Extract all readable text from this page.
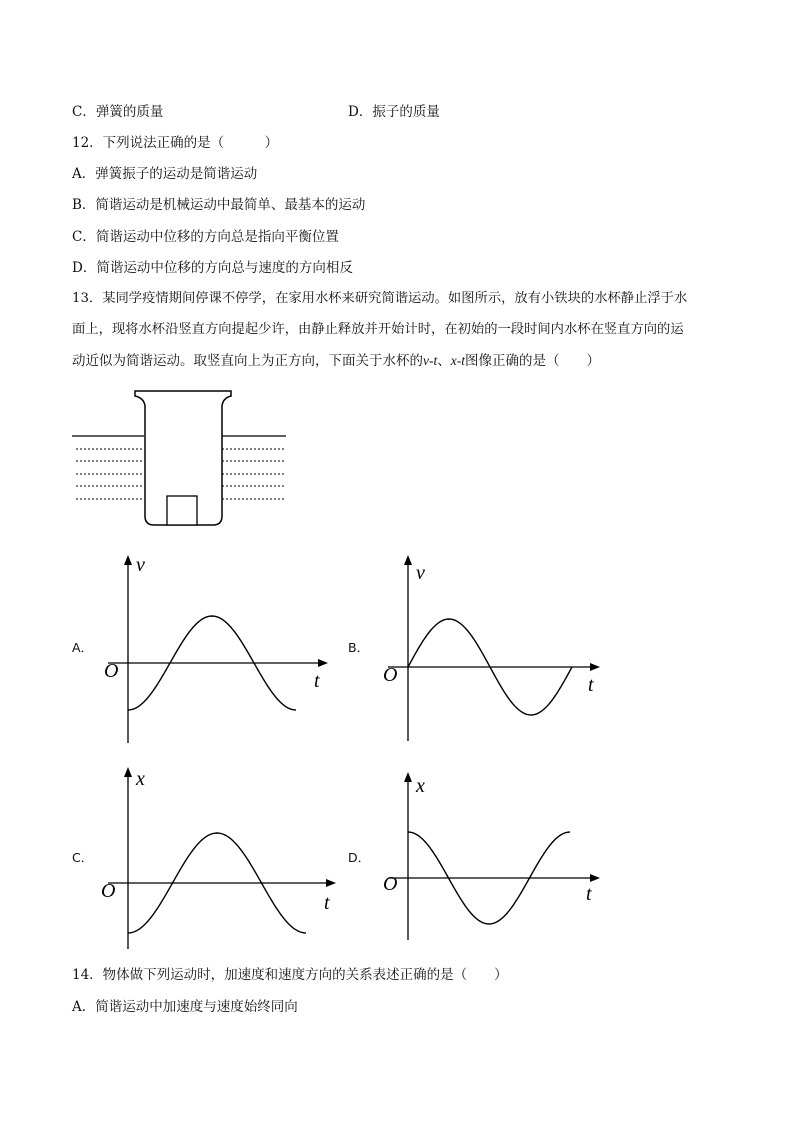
C．弹簧的质量	D．振子的质量
12．下列说法正确的是（　　　）
A．弹簧振子的运动是简谐运动
B．简谐运动是机械运动中最简单、最基本的运动
C．简谐运动中位移的方向总是指向平衡位置
D．简谐运动中位移的方向总与速度的方向相反
13．某同学疫情期间停课不停学，在家用水杯来研究简谐运动。如图所示，放有小铁块的水杯静止浮于水
面上，现将水杯沿竖直方向提起少许，由静止释放并开始计时，在初始的一段时间内水杯在竖直方向的运
动近似为简谐运动。取竖直向上为正方向，下面关于水杯的v-t、x-t图像正确的是（　　）
A．
v
t
O
B．
v
t
O
C．
x
t
O
D．
x
t
O
14．物体做下列运动时，加速度和速度方向的关系表述正确的是（　　）
A．简谐运动中加速度与速度始终同向
